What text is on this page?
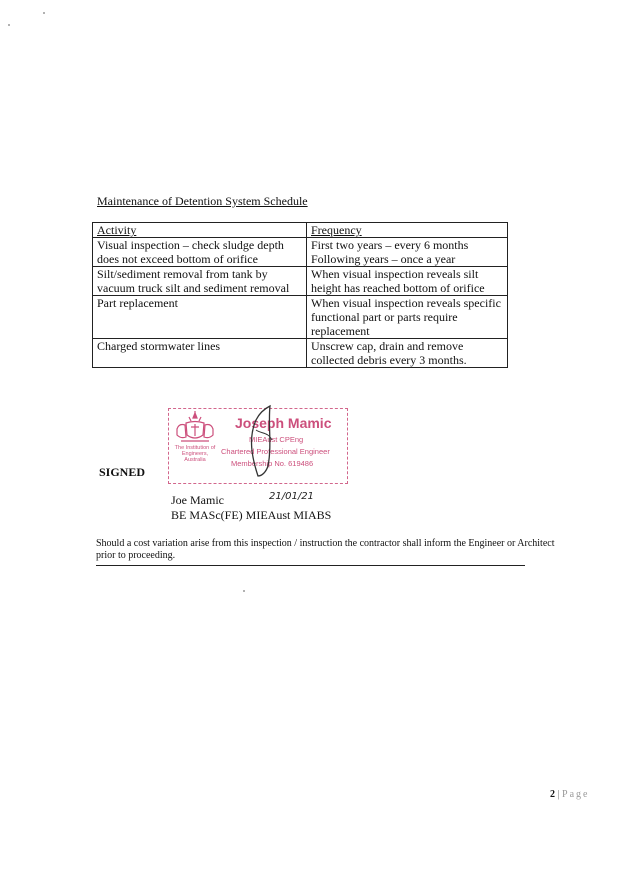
Maintenance of Detention System Schedule
Activity	Frequency
Visual inspection – check sludge depth does not exceed bottom of orifice	First two years – every 6 months
Following years – once a year

Silt/sediment removal from tank by vacuum truck silt and sediment removal	When visual inspection reveals silt height has reached bottom of orifice
Part replacement	When visual inspection reveals specific functional part or parts require replacement
Charged stormwater lines	Unscrew cap, drain and remove collected debris every 3 months.
The Institution of Engineers, Australia
Joseph Mamic
MIEAust CPEng
Chartered Professional Engineer
Membership No. 619486
SIGNED
Joe Mamic	21/01/21
BE MASc(FE) MIEAust MIABS
Should a cost variation arise from this inspection / instruction the contractor shall inform the Engineer or Architect prior to proceeding.
2 | Page
